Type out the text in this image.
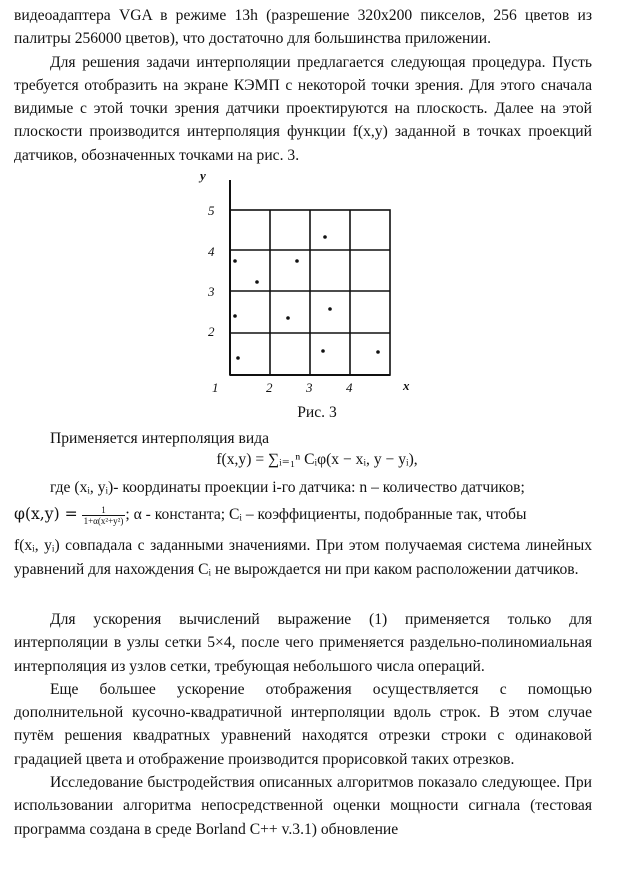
видеоадаптера VGA в режиме 13h (разрешение 320x200 пикселов, 256 цветов из палитры 256000 цветов), что достаточно для большинства приложении.
Для решения задачи интерполяции предлагается следующая процедура. Пусть требуется отобразить на экране КЭМП с некоторой точки зрения. Для этого сначала видимые с этой точки зрения датчики проектируются на плоскость. Далее на этой плоскости производится интерполяция функции f(x,y) заданной в точках проекций датчиков, обозначенных точками на рис. 3.
y
x
5
4
3
2
1	2	3	4
Рис. 3
Применяется интерполяция вида
f(x,y) = ∑ᵢ₌₁ⁿ Cᵢφ(x − xᵢ, y − yᵢ),
где (xᵢ, yᵢ)- координаты проекции i-го датчика: n – количество датчиков;
$\varphi(x,y) = \frac{1}{\text{1+α(x²+y²)}}$ ; α - константа; Cᵢ – коэффициенты, подобранные так, чтобы
f(xᵢ, yᵢ) совпадала с заданными значениями. При этом получаемая система линейных уравнений для нахождения Cᵢ не вырождается ни при каком расположении датчиков.
Для ускорения вычислений выражение (1) применяется только для интерполяции в узлы сетки 5×4, после чего применяется раздельно-полиномиальная интерполяция из узлов сетки, требующая небольшого числа операций.
Еще большее ускорение отображения осуществляется с помощью дополнительной кусочно-квадратичной интерполяции вдоль строк. В этом случае путём решения квадратных уравнений находятся отрезки строки с одинаковой градацией цвета и отображение производится прорисовкой таких отрезков.
Исследование быстродействия описанных алгоритмов показало следующее. При использовании алгоритма непосредственной оценки мощности сигнала (тестовая программа создана в среде Borland C++ v.3.1) обновление
